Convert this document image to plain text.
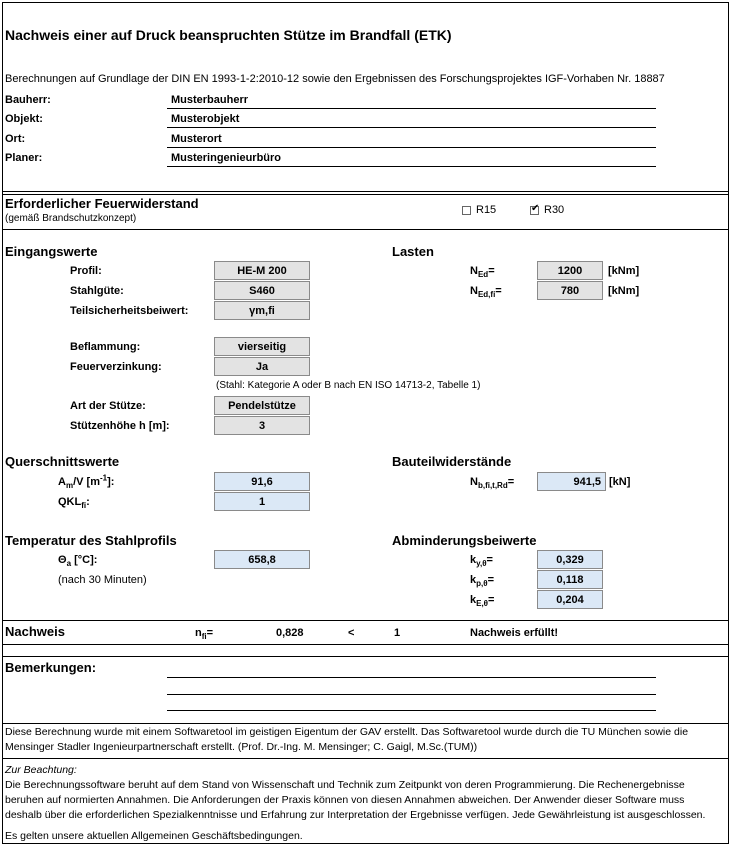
Nachweis einer auf Druck beanspruchten Stütze im Brandfall (ETK)
Berechnungen auf Grundlage der DIN EN 1993-1-2:2010-12 sowie den Ergebnissen des Forschungsprojektes IGF-Vorhaben Nr. 18887
Bauherr:	Musterbauherr
Objekt:	Musterobjekt
Ort:	Musterort
Planer:	Musteringenieurbüro
Erforderlicher Feuerwiderstand
(gemäß Brandschutzkonzept)
R15	✔ R30
Eingangswerte
Profil:	HE-M 200
Stahlgüte:	S460
Teilsicherheitsbeiwert:	γm,fi
Beflammung:	vierseitig
Feuerverzinkung:	Ja
(Stahl: Kategorie A oder B nach EN ISO 14713-2, Tabelle 1)
Art der Stütze:	Pendelstütze
Stützenhöhe h [m]:	3
Lasten
$N_{Ed}=$	1200	[kNm]
$N_{Ed,fi}=$	780	[kNm]
Querschnittswerte
$A_m/V$ $[m^{-1}]$:	91,6
$QKL_{fi}$:	1
Bauteilwiderstände
$N_{b,fi,t,Rd}=$	941,5 [kN]
Temperatur des Stahlprofils
$\Theta_a$ [°C]:	658,8
(nach 30 Minuten)
Abminderungsbeiwerte
$k_{y,\theta}=$	0,329
$k_{p,\theta}=$	0,118
$k_{E,\theta}=$	0,204
Nachweis	$n_{fi}=$	0,828	<	1	Nachweis erfüllt!
Bemerkungen:
Diese Berechnung wurde mit einem Softwaretool im geistigen Eigentum der GAV erstellt. Das Softwaretool wurde durch die TU München sowie die Mensinger Stadler Ingenieurpartnerschaft erstellt. (Prof. Dr.-Ing. M. Mensinger; C. Gaigl, M.Sc.(TUM))
Zur Beachtung:
Die Berechnungssoftware beruht auf dem Stand von Wissenschaft und Technik zum Zeitpunkt von deren Programmierung. Die Rechenergebnisse beruhen auf normierten Annahmen. Die Anforderungen der Praxis können von diesen Annahmen abweichen. Der Anwender dieser Software muss deshalb über die erforderlichen Spezialkenntnisse und Erfahrung zur Interpretation der Ergebnisse verfügen. Jede Gewährleistung ist ausgeschlossen.
Es gelten unsere aktuellen Allgemeinen Geschäftsbedingungen.
